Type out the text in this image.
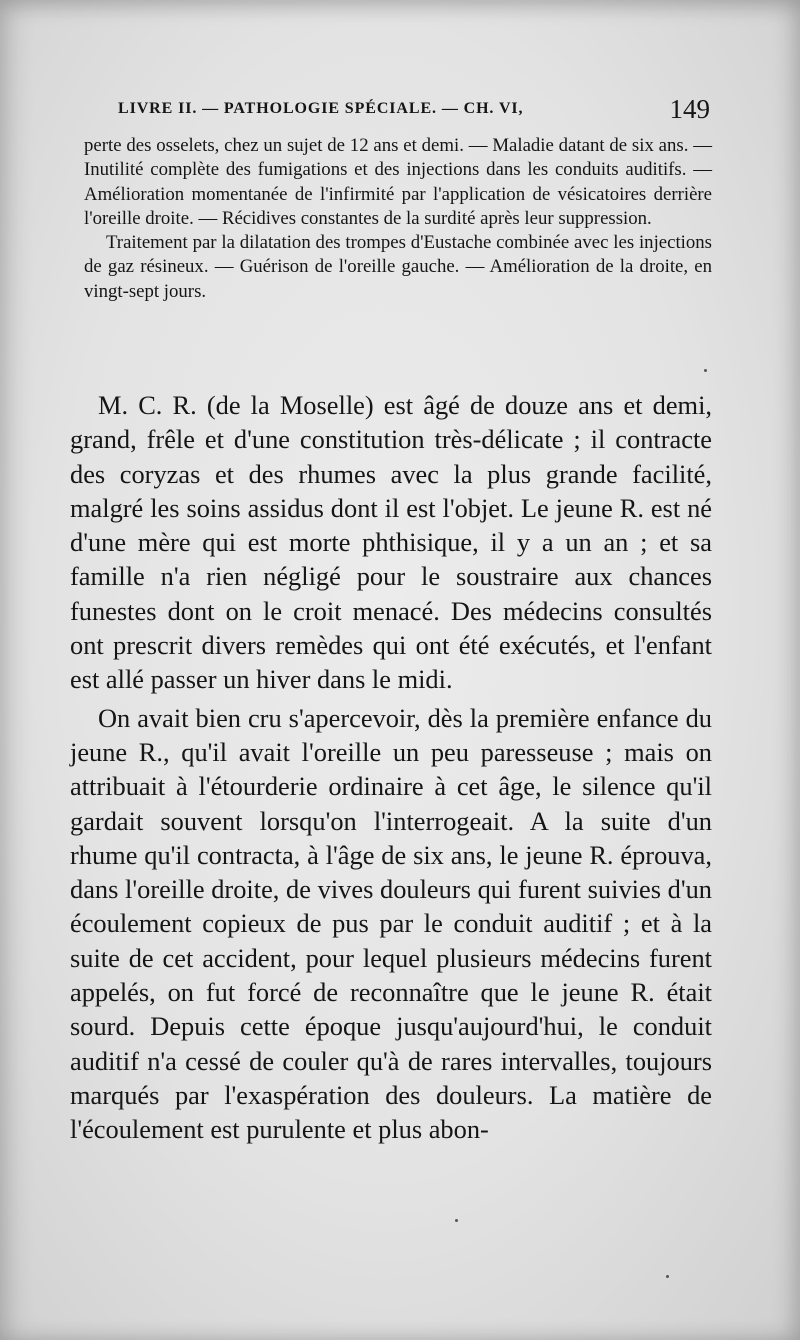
LIVRE II. — PATHOLOGIE SPÉCIALE. — CH. VI,	149

perte des osselets, chez un sujet de 12 ans et demi. — Maladie datant de six ans. — Inutilité complète des fumigations et des injections dans les conduits auditifs. — Amélioration momentanée de l'infirmité par l'application de vésicatoires derrière l'oreille droite. — Récidives constantes de la surdité après leur suppression.

Traitement par la dilatation des trompes d'Eustache combinée avec les injections de gaz résineux. — Guérison de l'oreille gauche. — Amélioration de la droite, en vingt-sept jours.

M. C. R. (de la Moselle) est âgé de douze ans et demi, grand, frêle et d'une constitution très-délicate ; il contracte des coryzas et des rhumes avec la plus grande facilité, malgré les soins assidus dont il est l'objet. Le jeune R. est né d'une mère qui est morte phthisique, il y a un an ; et sa famille n'a rien négligé pour le soustraire aux chances funestes dont on le croit menacé. Des médecins consultés ont prescrit divers remèdes qui ont été exécutés, et l'enfant est allé passer un hiver dans le midi.

On avait bien cru s'apercevoir, dès la première enfance du jeune R., qu'il avait l'oreille un peu paresseuse ; mais on attribuait à l'étourderie ordinaire à cet âge, le silence qu'il gardait souvent lorsqu'on l'interrogeait. A la suite d'un rhume qu'il contracta, à l'âge de six ans, le jeune R. éprouva, dans l'oreille droite, de vives douleurs qui furent suivies d'un écoulement copieux de pus par le conduit auditif ; et à la suite de cet accident, pour lequel plusieurs médecins furent appelés, on fut forcé de reconnaître que le jeune R. était sourd. Depuis cette époque jusqu'aujourd'hui, le conduit auditif n'a cessé de couler qu'à de rares intervalles, toujours marqués par l'exaspération des douleurs. La matière de l'écoulement est purulente et plus abon-
